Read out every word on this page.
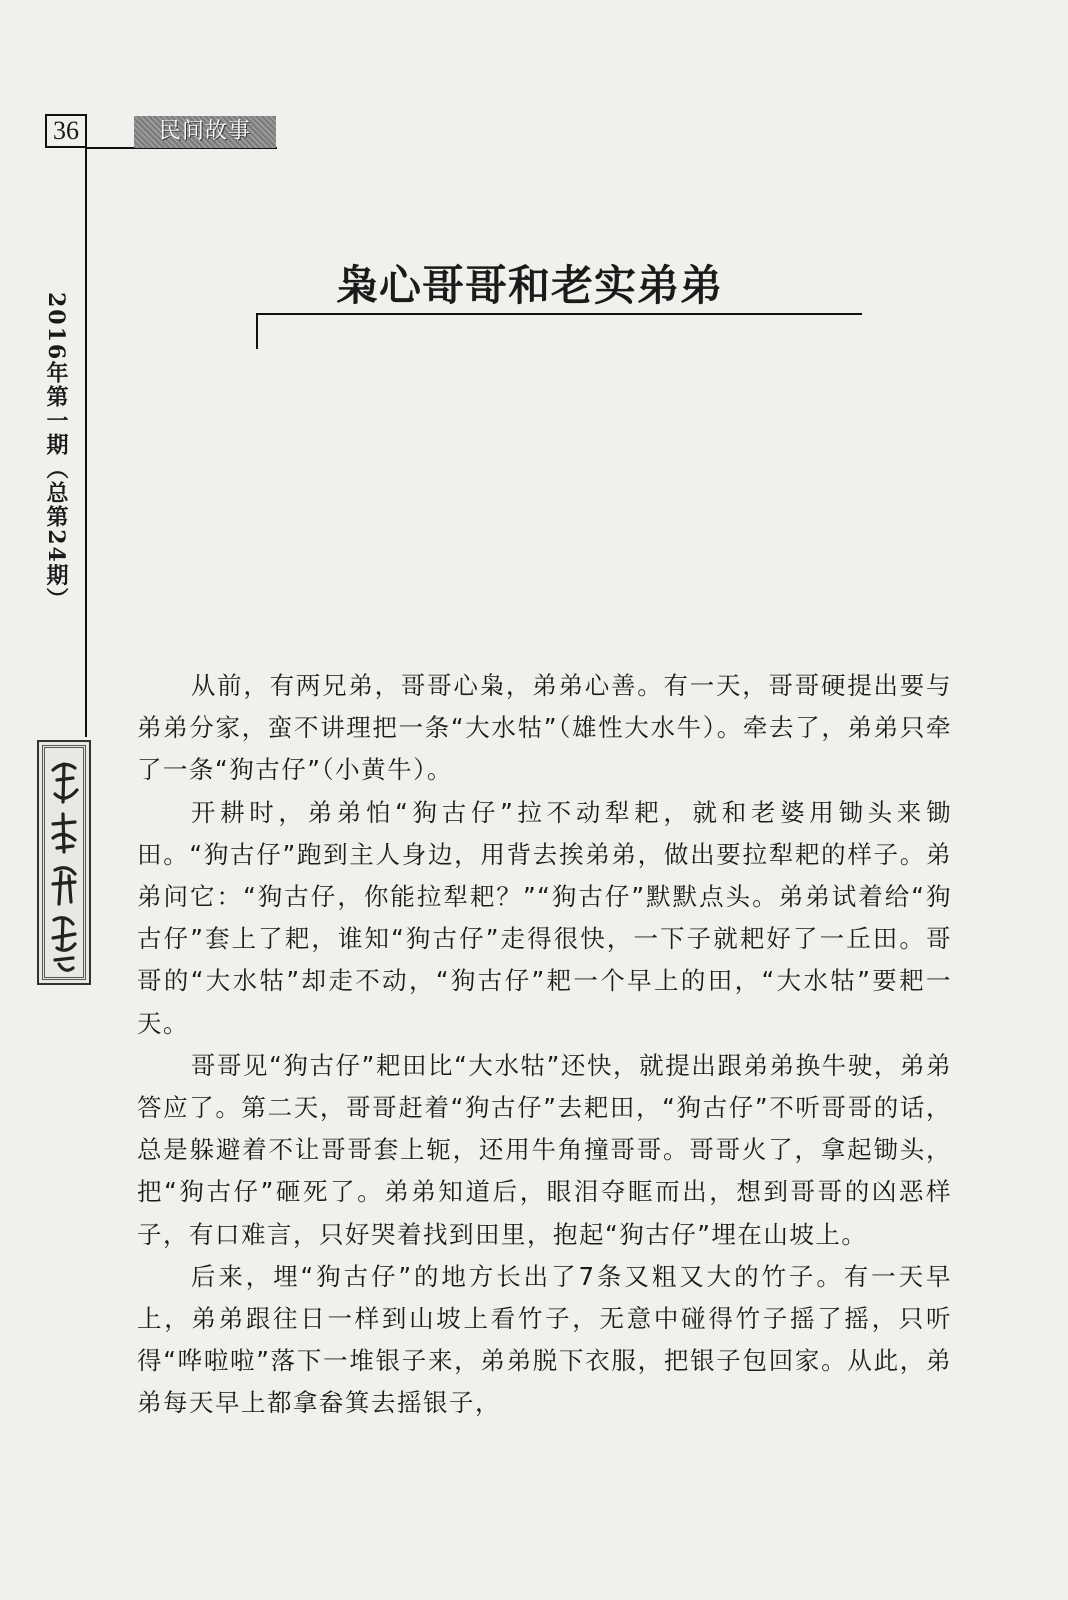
36	民间故事
2016年第一期（总第24期）
枭心哥哥和老实弟弟

从前，有两兄弟，哥哥心枭，弟弟心善。有一天，哥哥硬提出要与弟弟分家，蛮不讲理把一条“大水牯”（雄性大水牛）。牵去了，弟弟只牵了一条“狗古仔”（小黄牛）。

开耕时，弟弟怕“狗古仔”拉不动犁耙，就和老婆用锄头来锄田。“狗古仔”跑到主人身边，用背去挨弟弟，做出要拉犁耙的样子。弟弟问它：“狗古仔，你能拉犁耙？”“狗古仔”默默点头。弟弟试着给“狗古仔”套上了耙，谁知“狗古仔”走得很快，一下子就耙好了一丘田。哥哥的“大水牯”却走不动，“狗古仔”耙一个早上的田，“大水牯”要耙一天。

哥哥见“狗古仔”耙田比“大水牯”还快，就提出跟弟弟换牛驶，弟弟答应了。第二天，哥哥赶着“狗古仔”去耙田，“狗古仔”不听哥哥的话，总是躲避着不让哥哥套上轭，还用牛角撞哥哥。哥哥火了，拿起锄头，把“狗古仔”砸死了。弟弟知道后，眼泪夺眶而出，想到哥哥的凶恶样子，有口难言，只好哭着找到田里，抱起“狗古仔”埋在山坡上。

后来，埋“狗古仔”的地方长出了7条又粗又大的竹子。有一天早上，弟弟跟往日一样到山坡上看竹子，无意中碰得竹子摇了摇，只听得“哗啦啦”落下一堆银子来，弟弟脱下衣服，把银子包回家。从此，弟弟每天早上都拿畚箕去摇银子，
